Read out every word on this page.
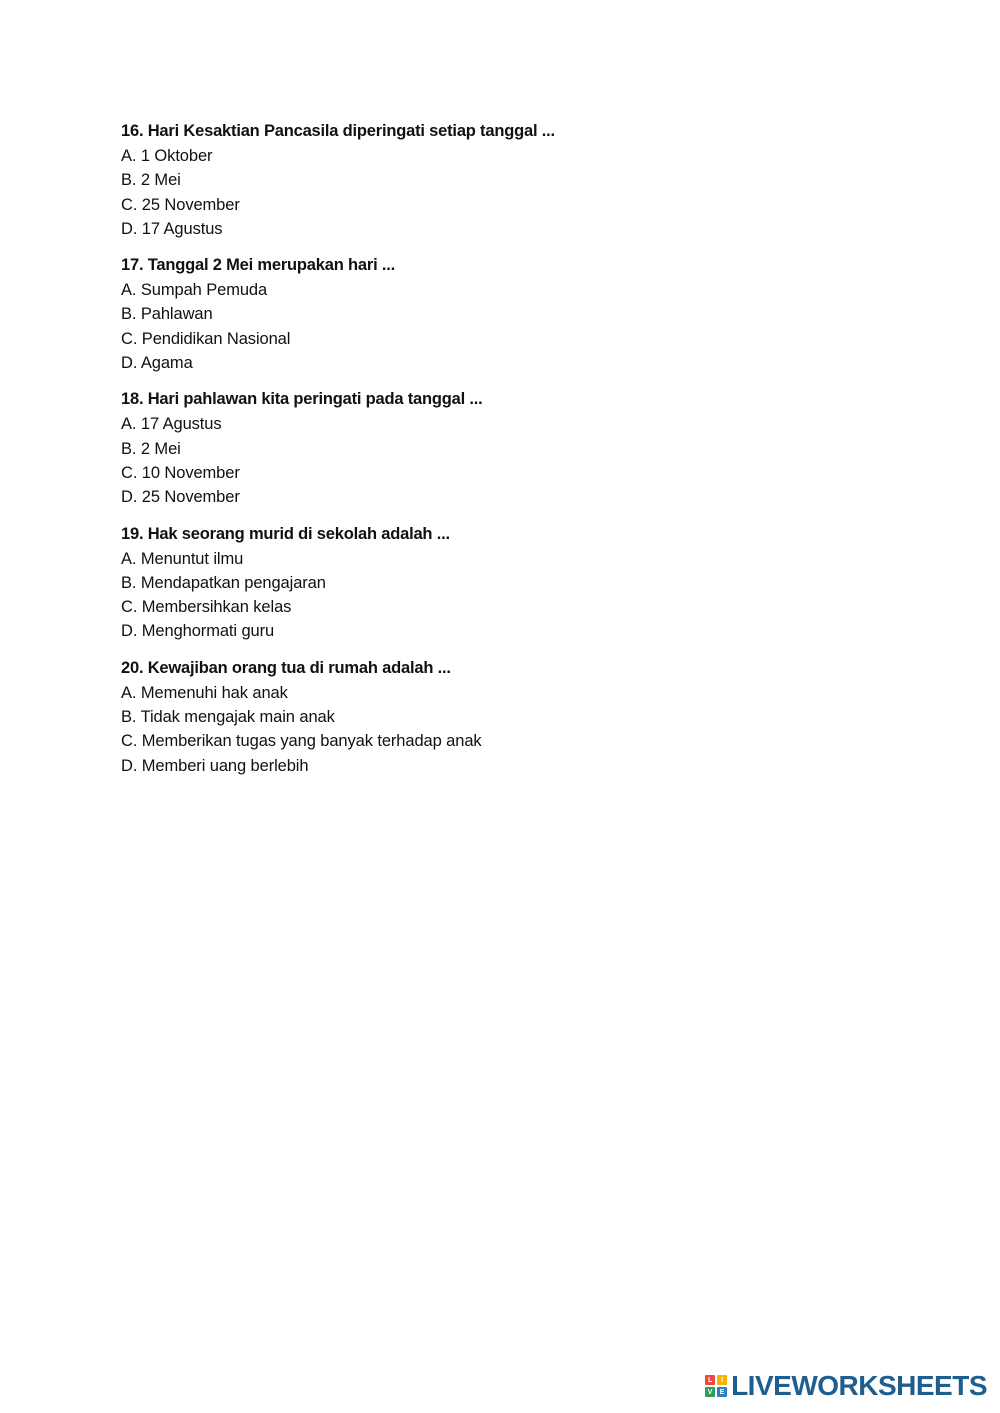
16. Hari Kesaktian Pancasila diperingati setiap tanggal ...
A. 1 Oktober
B. 2 Mei
C. 25 November
D. 17 Agustus
17. Tanggal 2 Mei merupakan hari ...
A. Sumpah Pemuda
B. Pahlawan
C. Pendidikan Nasional
D. Agama
18. Hari pahlawan kita peringati pada tanggal ...
A. 17 Agustus
B. 2 Mei
C. 10 November
D. 25 November
19. Hak seorang murid di sekolah adalah ...
A. Menuntut ilmu
B. Mendapatkan pengajaran
C. Membersihkan kelas
D. Menghormati guru
20. Kewajiban orang tua di rumah adalah ...
A. Memenuhi hak anak
B. Tidak mengajak main anak
C. Memberikan tugas yang banyak terhadap anak
D. Memberi uang berlebih
L	I
V	E LIVEWORKSHEETS
